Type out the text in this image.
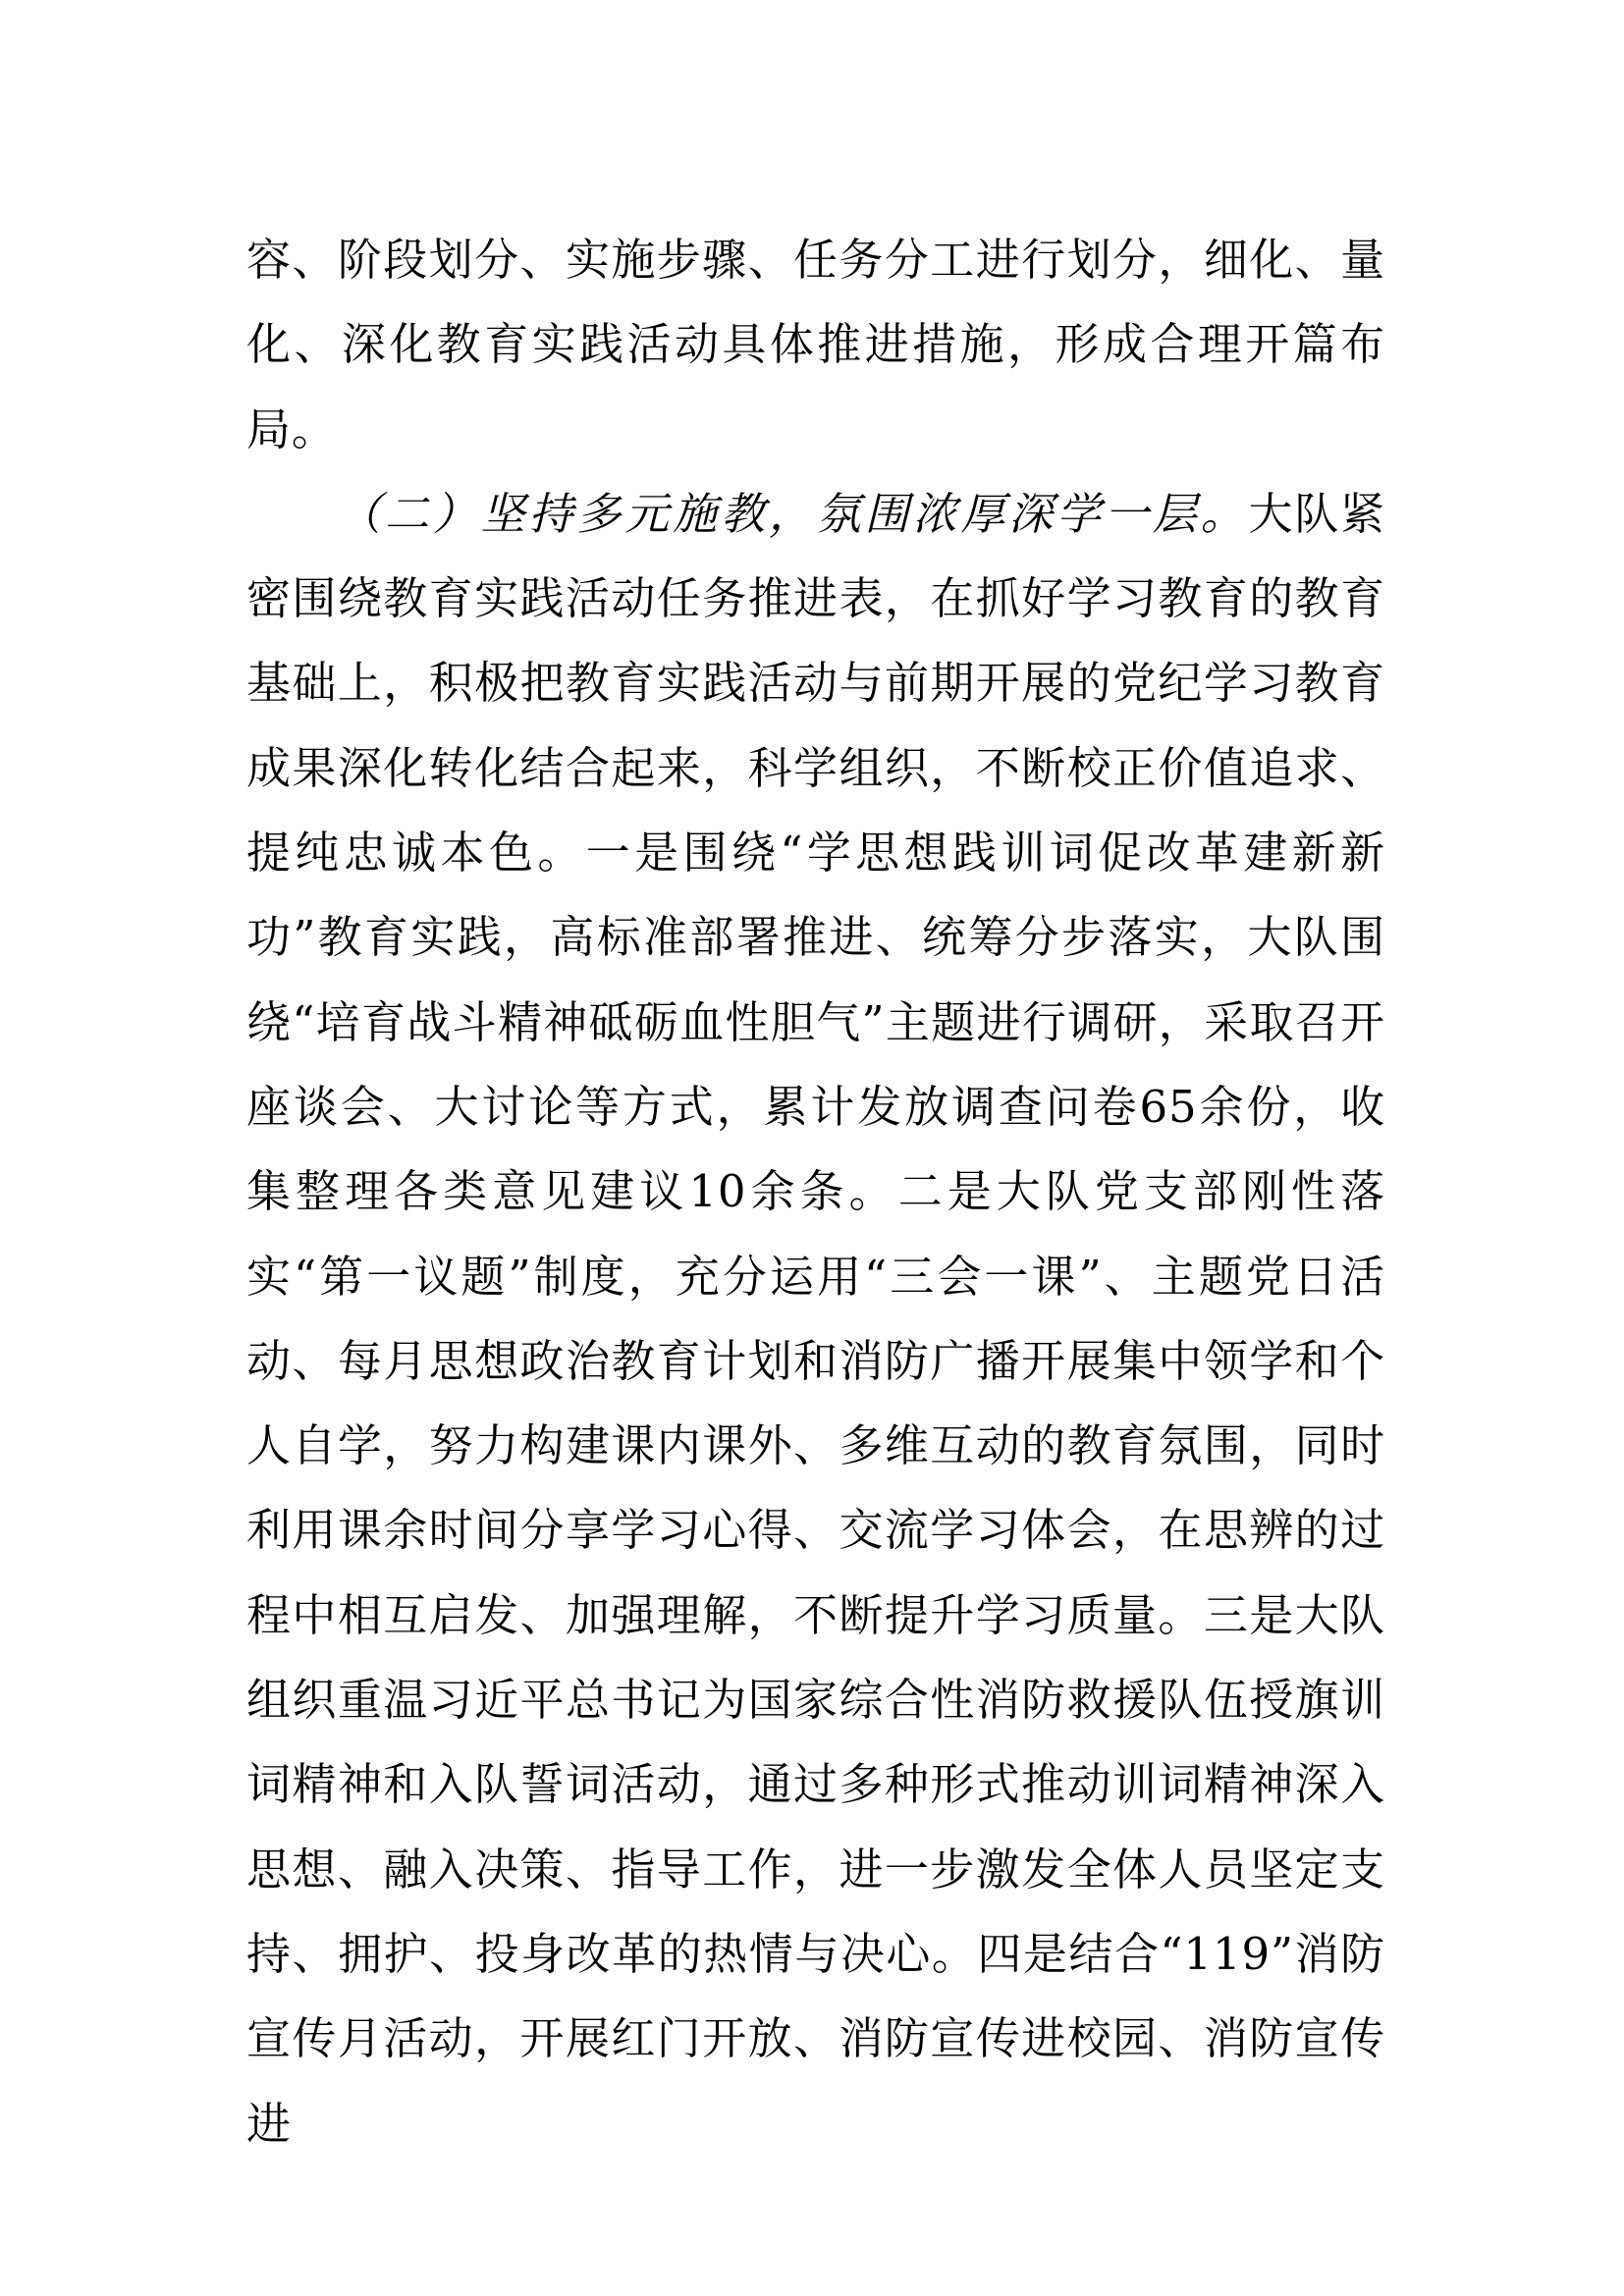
容、阶段划分、实施步骤、任务分工进行划分，细化、量化、深化教育实践活动具体推进措施，形成合理开篇布局。

（二）坚持多元施教，氛围浓厚深学一层。大队紧密围绕教育实践活动任务推进表，在抓好学习教育的教育基础上，积极把教育实践活动与前期开展的党纪学习教育成果深化转化结合起来，科学组织，不断校正价值追求、提纯忠诚本色。一是围绕“学思想践训词促改革建新新功”教育实践，高标准部署推进、统筹分步落实，大队围绕“培育战斗精神砥砺血性胆气”主题进行调研，采取召开座谈会、大讨论等方式，累计发放调查问卷65余份，收集整理各类意见建议10余条。二是大队党支部刚性落实“第一议题”制度，充分运用“三会一课”、主题党日活动、每月思想政治教育计划和消防广播开展集中领学和个人自学，努力构建课内课外、多维互动的教育氛围，同时利用课余时间分享学习心得、交流学习体会，在思辨的过程中相互启发、加强理解，不断提升学习质量。三是大队组织重温习近平总书记为国家综合性消防救援队伍授旗训词精神和入队誓词活动，通过多种形式推动训词精神深入思想、融入决策、指导工作，进一步激发全体人员坚定支持、拥护、投身改革的热情与决心。四是结合“119”消防宣传月活动，开展红门开放、消防宣传进校园、消防宣传进
